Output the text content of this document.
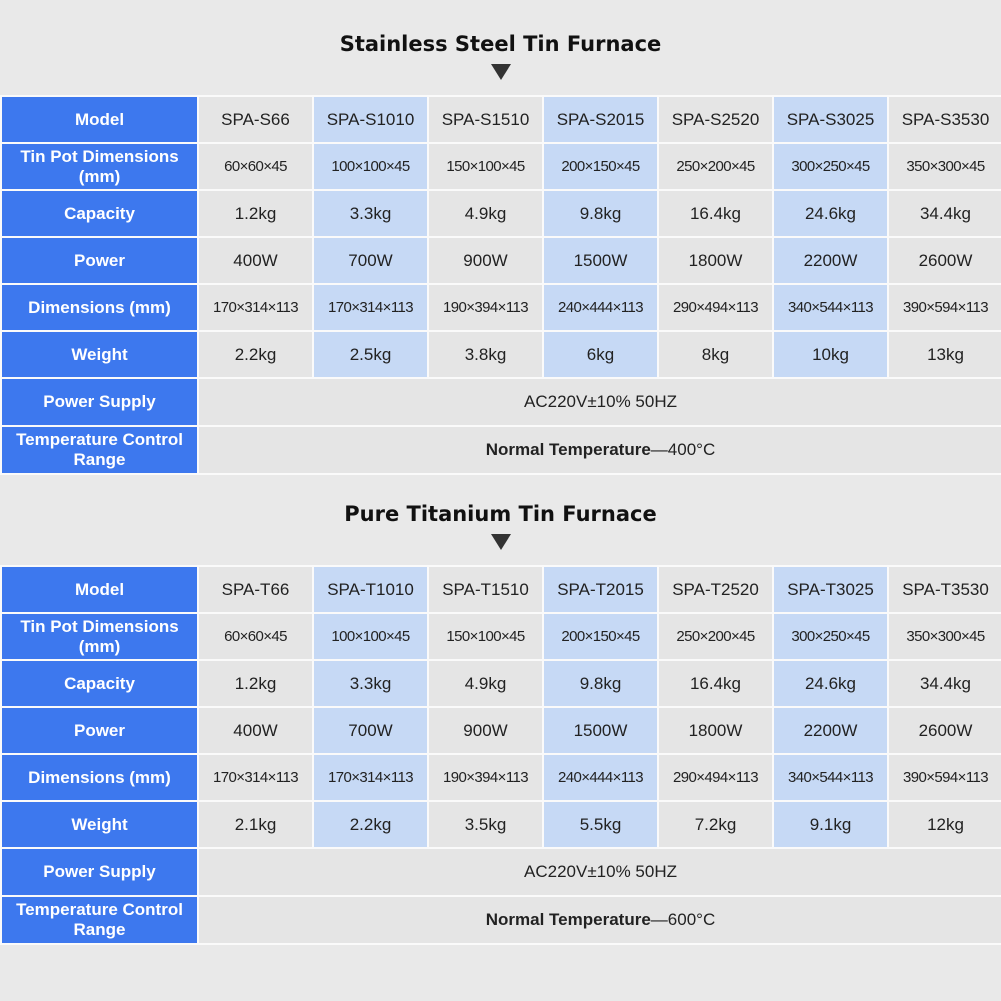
Stainless Steel Tin Furnace
Model	SPA-S66	SPA-S1010	SPA-S1510	SPA-S2015	SPA-S2520	SPA-S3025	SPA-S3530
Tin Pot Dimensions (mm)	60×60×45	100×100×45	150×100×45	200×150×45	250×200×45	300×250×45	350×300×45
Capacity	1.2kg	3.3kg	4.9kg	9.8kg	16.4kg	24.6kg	34.4kg
Power	400W	700W	900W	1500W	1800W	2200W	2600W
Dimensions (mm)	170×314×113	170×314×113	190×394×113	240×444×113	290×494×113	340×544×113	390×594×113
Weight	2.2kg	2.5kg	3.8kg	6kg	8kg	10kg	13kg
Power Supply	AC220V±10% 50HZ						
Temperature Control Range	Normal Temperature—400°C						
Pure Titanium Tin Furnace
Model	SPA-T66	SPA-T1010	SPA-T1510	SPA-T2015	SPA-T2520	SPA-T3025	SPA-T3530
Tin Pot Dimensions (mm)	60×60×45	100×100×45	150×100×45	200×150×45	250×200×45	300×250×45	350×300×45
Capacity	1.2kg	3.3kg	4.9kg	9.8kg	16.4kg	24.6kg	34.4kg
Power	400W	700W	900W	1500W	1800W	2200W	2600W
Dimensions (mm)	170×314×113	170×314×113	190×394×113	240×444×113	290×494×113	340×544×113	390×594×113
Weight	2.1kg	2.2kg	3.5kg	5.5kg	7.2kg	9.1kg	12kg
Power Supply	AC220V±10% 50HZ						
Temperature Control Range	Normal Temperature—600°C						
